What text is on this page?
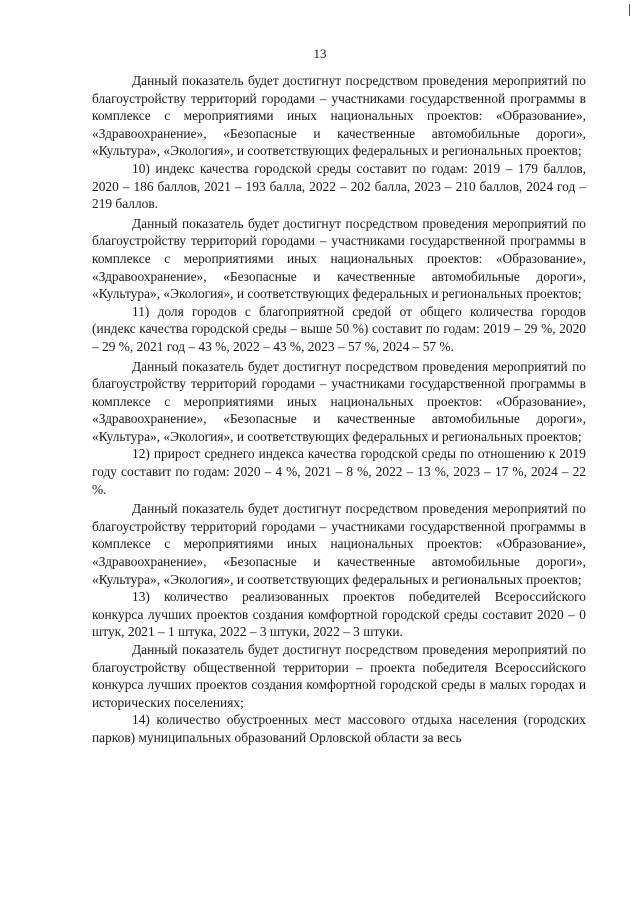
13

Данный показатель будет достигнут посредством проведения мероприятий по благоустройству территорий городами – участниками государственной программы в комплексе с мероприятиями иных национальных проектов: «Образование», «Здравоохранение», «Безопасные и качественные автомобильные дороги», «Культура», «Экология», и соответствующих федеральных и региональных проектов;

10) индекс качества городской среды составит по годам: 2019 – 179 баллов, 2020 – 186 баллов, 2021 – 193 балла, 2022 – 202 балла, 2023 – 210 баллов, 2024 год – 219 баллов.

Данный показатель будет достигнут посредством проведения мероприятий по благоустройству территорий городами – участниками государственной программы в комплексе с мероприятиями иных национальных проектов: «Образование», «Здравоохранение», «Безопасные и качественные автомобильные дороги», «Культура», «Экология», и соответствующих федеральных и региональных проектов;

11) доля городов с благоприятной средой от общего количества городов (индекс качества городской среды – выше 50 %) составит по годам: 2019 – 29 %, 2020 – 29 %, 2021 год – 43 %, 2022 – 43 %, 2023 – 57 %, 2024 – 57 %.

Данный показатель будет достигнут посредством проведения мероприятий по благоустройству территорий городами – участниками государственной программы в комплексе с мероприятиями иных национальных проектов: «Образование», «Здравоохранение», «Безопасные и качественные автомобильные дороги», «Культура», «Экология», и соответствующих федеральных и региональных проектов;

12) прирост среднего индекса качества городской среды по отношению к 2019 году составит по годам: 2020 – 4 %, 2021 – 8 %, 2022 – 13 %, 2023 – 17 %, 2024 – 22 %.

Данный показатель будет достигнут посредством проведения мероприятий по благоустройству территорий городами – участниками государственной программы в комплексе с мероприятиями иных национальных проектов: «Образование», «Здравоохранение», «Безопасные и качественные автомобильные дороги», «Культура», «Экология», и соответствующих федеральных и региональных проектов;

13) количество реализованных проектов победителей Всероссийского конкурса лучших проектов создания комфортной городской среды составит 2020 – 0 штук, 2021 – 1 штука, 2022 – 3 штуки, 2022 – 3 штуки.

Данный показатель будет достигнут посредством проведения мероприятий по благоустройству общественной территории – проекта победителя Всероссийского конкурса лучших проектов создания комфортной городской среды в малых городах и исторических поселениях;

14) количество обустроенных мест массового отдыха населения (городских парков) муниципальных образований Орловской области за весь
